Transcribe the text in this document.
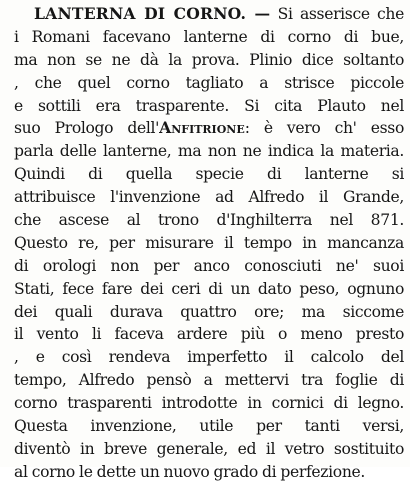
LANTERNA DI CORNO. — Si asserisce che
i Romani facevano lanterne di corno di bue,
ma non se ne dà la prova. Plinio dice soltanto
, che quel corno tagliato a strisce piccole
e sottili era trasparente. Si cita Plauto nel
suo Prologo dell'Anfitrione: è vero ch' esso
parla delle lanterne, ma non ne indica la materia.
Quindi di quella specie di lanterne si
attribuisce l'invenzione ad Alfredo il Grande,
che ascese al trono d'Inghilterra nel 871.
Questo re, per misurare il tempo in mancanza
di orologi non per anco conosciuti ne' suoi
Stati, fece fare dei ceri di un dato peso, ognuno
dei quali durava quattro ore; ma siccome
il vento li faceva ardere più o meno presto
, e così rendeva imperfetto il calcolo del
tempo, Alfredo pensò a mettervi tra foglie di
corno trasparenti introdotte in cornici di legno.
Questa invenzione, utile per tanti versi,
diventò in breve generale, ed il vetro sostituito
al corno le dette un nuovo grado di perfezione.
